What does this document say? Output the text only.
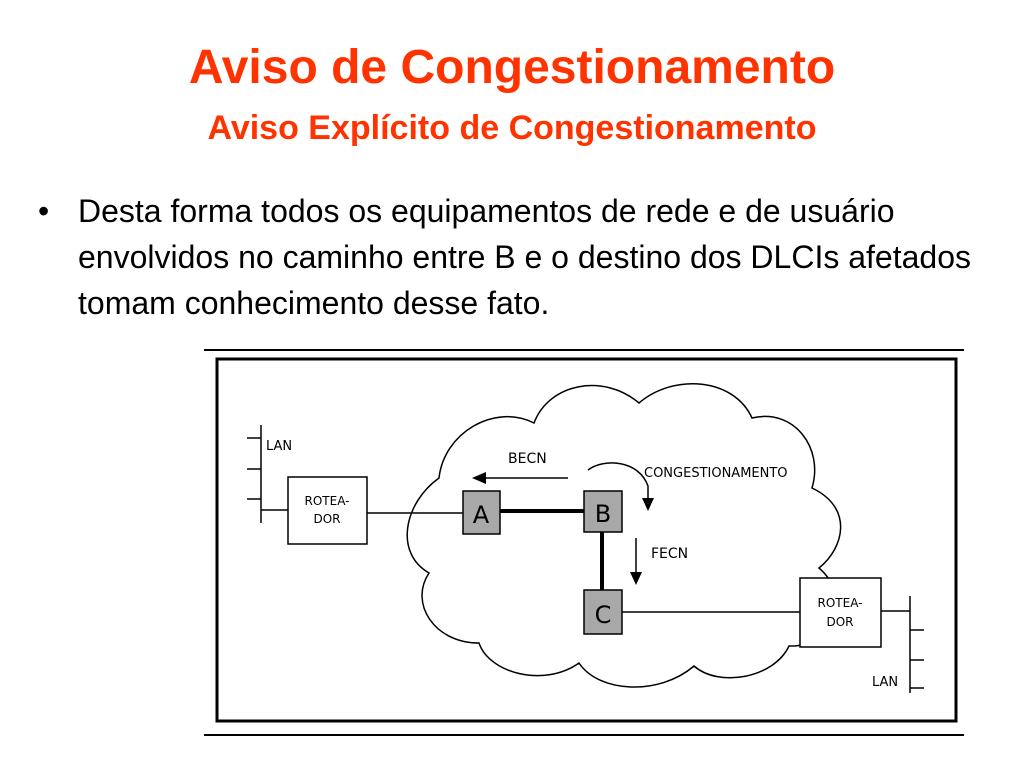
Aviso de Congestionamento
Aviso Explícito de Congestionamento
• Desta forma todos os equipamentos de rede e de usuário envolvidos no caminho entre B e o destino dos DLCIs afetados tomam conhecimento desse fato.
LAN
ROTEA-
DOR	A	B
C
BECN
CONGESTIONAMENTO
FECN
ROTEA-
DOR
LAN
